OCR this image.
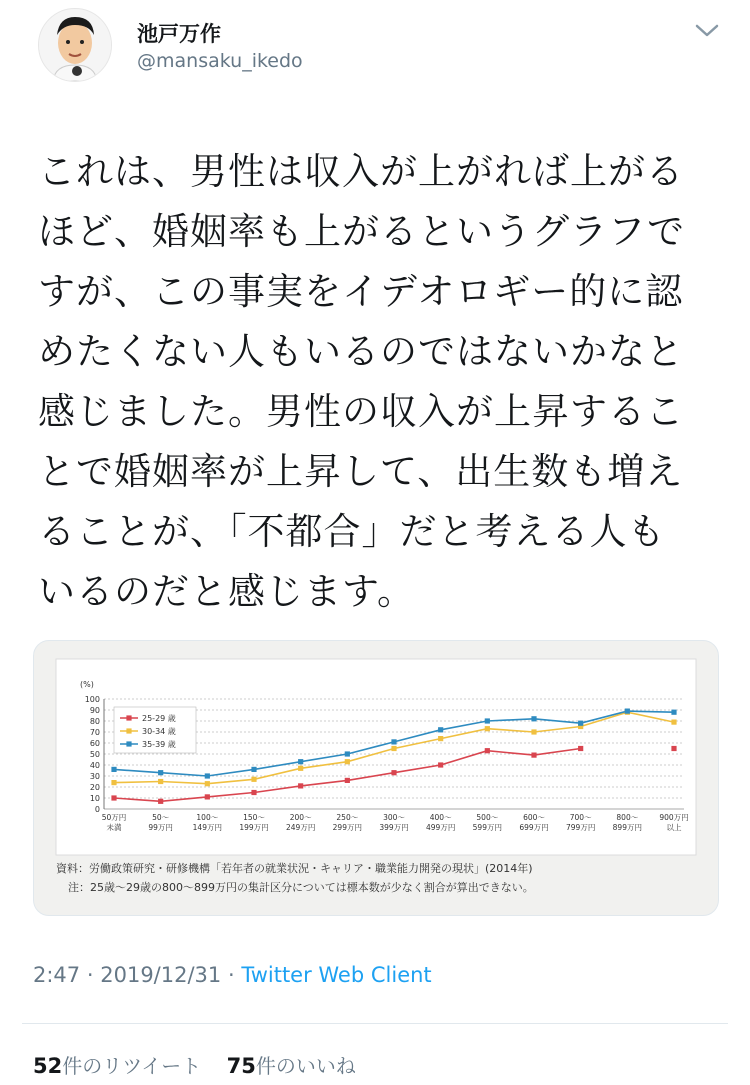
池戸万作
@mansaku_ikedo
これは、男性は収入が上がれば上がる
ほど、婚姻率も上がるというグラフで
すが、この事実をイデオロギー的に認
めたくない人もいるのではないかなと
感じました。男性の収入が上昇するこ
とで婚姻率が上昇して、出生数も増え
ることが、「不都合」だと考える人も
いるのだと感じます。
(%)
100
90
80
70
60
50
40
30
20
10
0
50万円
未満
50～
99万円
100～
149万円
150～
199万円
200～
249万円
250～
299万円
300～
399万円
400～
499万円
500～
599万円
600～
699万円
700～
799万円
800～
899万円
900万円
以上
25-29 歳
30-34 歳
35-39 歳
資料：労働政策研究・研修機構「若年者の就業状況・キャリア・職業能力開発の現状」(2014年)
注：25歳～29歳の800～899万円の集計区分については標本数が少なく割合が算出できない。
2:47 · 2019/12/31 · Twitter Web Client
52件のリツイート 75件のいいね
